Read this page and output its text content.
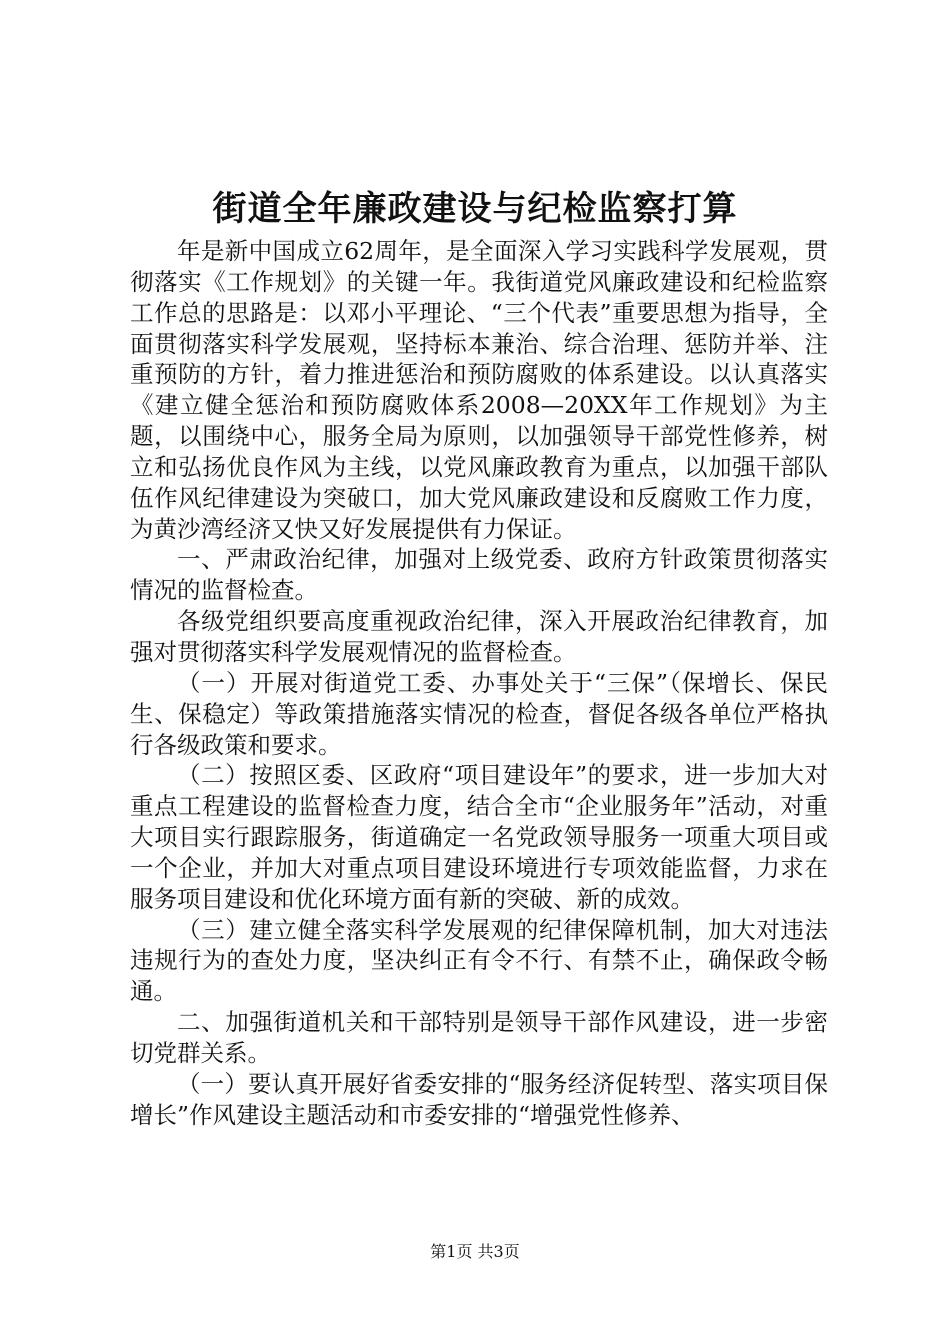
街道全年廉政建设与纪检监察打算

年是新中国成立62周年，是全面深入学习实践科学发展观，贯彻落实《工作规划》的关键一年。我街道党风廉政建设和纪检监察工作总的思路是：以邓小平理论、“三个代表”重要思想为指导，全面贯彻落实科学发展观，坚持标本兼治、综合治理、惩防并举、注重预防的方针，着力推进惩治和预防腐败的体系建设。以认真落实《建立健全惩治和预防腐败体系2008—20XX年工作规划》为主题，以围绕中心，服务全局为原则，以加强领导干部党性修养，树立和弘扬优良作风为主线，以党风廉政教育为重点，以加强干部队伍作风纪律建设为突破口，加大党风廉政建设和反腐败工作力度，为黄沙湾经济又快又好发展提供有力保证。

一、严肃政治纪律，加强对上级党委、政府方针政策贯彻落实情况的监督检查。

各级党组织要高度重视政治纪律，深入开展政治纪律教育，加强对贯彻落实科学发展观情况的监督检查。

（一）开展对街道党工委、办事处关于“三保”（保增长、保民生、保稳定）等政策措施落实情况的检查，督促各级各单位严格执行各级政策和要求。

（二）按照区委、区政府“项目建设年”的要求，进一步加大对重点工程建设的监督检查力度，结合全市“企业服务年”活动，对重大项目实行跟踪服务，街道确定一名党政领导服务一项重大项目或一个企业，并加大对重点项目建设环境进行专项效能监督，力求在服务项目建设和优化环境方面有新的突破、新的成效。

（三）建立健全落实科学发展观的纪律保障机制，加大对违法违规行为的查处力度，坚决纠正有令不行、有禁不止，确保政令畅通。

二、加强街道机关和干部特别是领导干部作风建设，进一步密切党群关系。

（一）要认真开展好省委安排的“服务经济促转型、落实项目保增长”作风建设主题活动和市委安排的“增强党性修养、

第1页 共3页
